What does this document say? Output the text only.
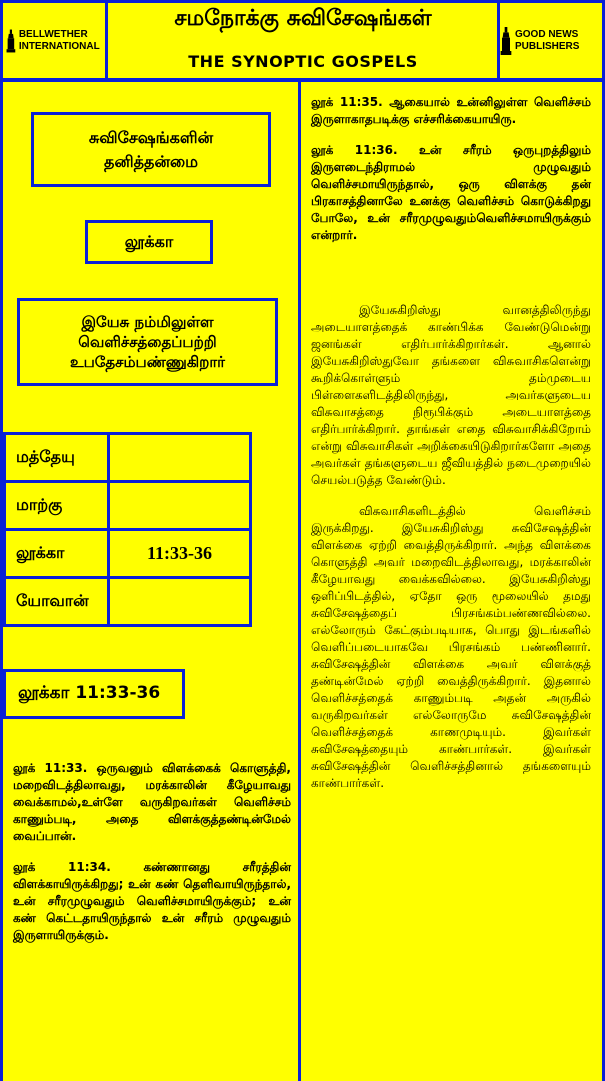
BELLWETHER INTERNATIONAL
GOOD NEWS PUBLISHERS
சமநோக்கு சுவிசேஷங்கள்
THE SYNOPTIC GOSPELS
சுவிசேஷங்களின் தனித்தன்மை
லூக்கா
இயேசு நம்மிலுள்ள வெளிச்சத்தைப்பற்றி உபதேசம்பண்ணுகிறார்
மத்தேயு
மாற்கு
லூக்கா	11:33-36
யோவான்
லூக்கா 11:33-36

லூக் 11:33. ஒருவனும் விளக்கைக் கொளுத்தி, மறைவிடத்திலாவது, மரக்காலின் கீழேயாவது வைக்காமல்,உள்ளே வருகிறவர்கள் வெளிச்சம் காணும்படி, அதை விளக்குத்தண்டின்மேல் வைப்பான்.

லூக் 11:34. கண்ணானது சரீரத்தின் விளக்காயிருக்கிறது; உன் கண் தெளிவாயிருந்தால், உன் சரீரமுழுவதும் வெளிச்சமாயிருக்கும்; உன் கண் கெட்டதாயிருந்தால் உன் சரீரம் முழுவதும் இருளாயிருக்கும்.

லூக் 11:35. ஆகையால் உன்னிலுள்ள வெளிச்சம் இருளாகாதபடிக்கு எச்சரிக்கையாயிரு.

லூக் 11:36. உன் சரீரம் ஒருபுறத்திலும் இருளடைந்திராமல் முழுவதும் வெளிச்சமாயிருந்தால், ஒரு விளக்கு தன் பிரகாசத்தினாலே உனக்கு வெளிச்சம் கொடுக்கிறது போலே, உன் சரீரமுழுவதும்வெளிச்சமாயிருக்கும் என்றார்.

இயேசுகிறிஸ்து வானத்திலிருந்து அடையாளத்தைக் காண்பிக்க வேண்டுமென்று ஜனங்கள் எதிர்பார்க்கிறார்கள். ஆனால் இயேசுகிறிஸ்துவோ தங்களை விசுவாசிகளென்று கூறிக்கொள்ளும் தம்முடைய பிள்ளைகளிடத்திலிருந்து, அவர்களுடைய விசுவாசத்தை நிரூபிக்கும் அடையாளத்தை எதிர்பார்க்கிறார். தாங்கள் எதை விசுவாசிக்கிறோம் என்று விசுவாசிகள் அறிக்கையிடுகிறார்களோ அதை அவர்கள் தங்களுடைய ஜீவியத்தில் நடைமுறையில் செயல்படுத்த வேண்டும்.

விசுவாசிகளிடத்தில் வெளிச்சம் இருக்கிறது. இயேசுகிறிஸ்து சுவிசேஷத்தின் விளக்கை ஏற்றி வைத்திருக்கிறார். அந்த விளக்கை கொளுத்தி அவர் மறைவிடத்திலாவது, மரக்காலின் கீழேயாவது வைக்கவில்லை. இயேசுகிறிஸ்து ஒளிப்பிடத்தில், ஏதோ ஒரு மூலையில் தமது சுவிசேஷத்தைப் பிரசங்கம்பண்ணவில்லை. எல்லோரும் கேட்கும்படியாக, பொது இடங்களில் வெளிப்படையாகவே பிரசங்கம் பண்ணினார். சுவிசேஷத்தின் விளக்கை அவர் விளக்குத் தண்டின்மேல் ஏற்றி வைத்திருக்கிறார். இதனால் வெளிச்சத்தைக் காணும்படி அதன் அருகில் வருகிறவர்கள் எல்லோருமே சுவிசேஷத்தின் வெளிச்சத்தைக் காணமுடியும். இவர்கள் சுவிசேஷத்தையும் காண்பார்கள். இவர்கள் சுவிசேஷத்தின் வெளிச்சத்தினால் தங்களையும் காண்பார்கள்.
